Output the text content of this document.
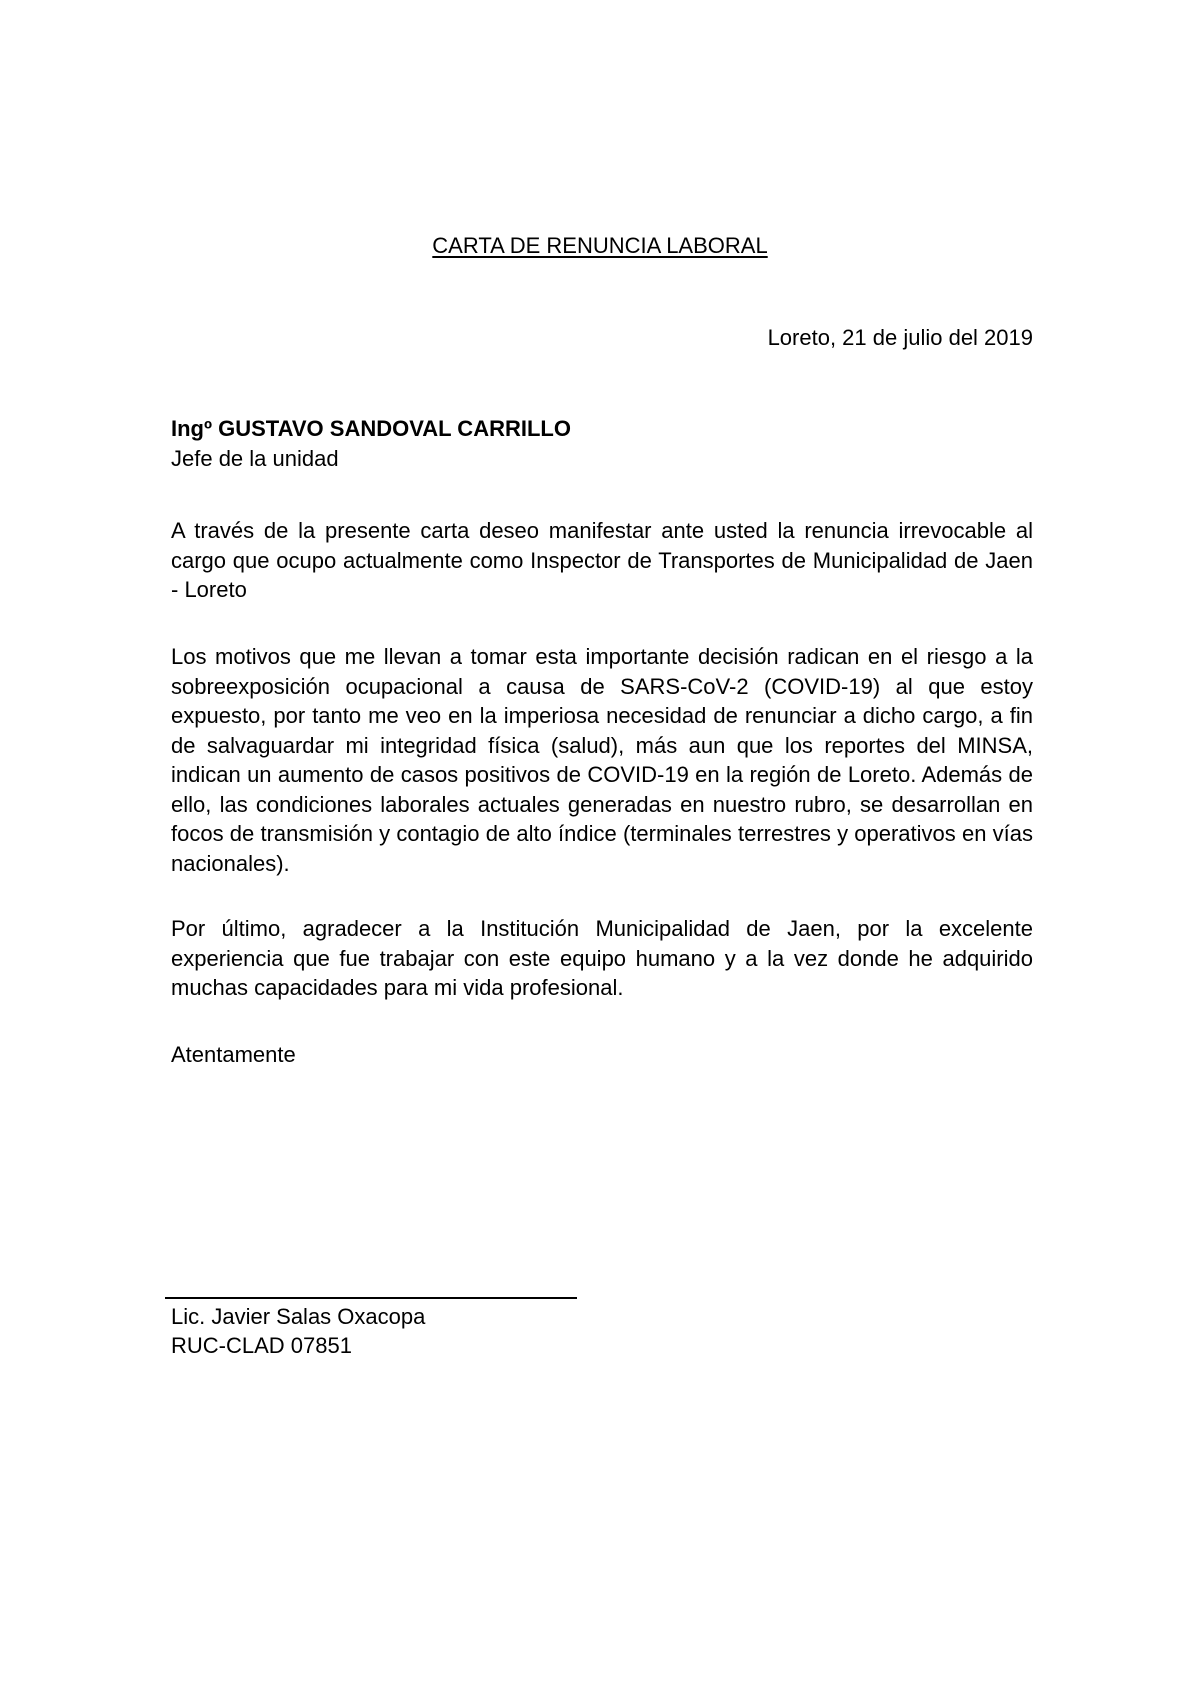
CARTA DE RENUNCIA LABORAL
Loreto, 21 de julio del 2019
Ingº GUSTAVO SANDOVAL CARRILLO
Jefe de la unidad

A través de la presente carta deseo manifestar ante usted la renuncia irrevocable al cargo que ocupo actualmente como Inspector de Transportes de Municipalidad de Jaen - Loreto

Los motivos que me llevan a tomar esta importante decisión radican en el riesgo a la sobreexposición ocupacional a causa de SARS-CoV-2 (COVID-19) al que estoy expuesto, por tanto me veo en la imperiosa necesidad de renunciar a dicho cargo, a fin de salvaguardar mi integridad física (salud), más aun que los reportes del MINSA, indican un aumento de casos positivos de COVID-19 en la región de Loreto. Además de ello, las condiciones laborales actuales generadas en nuestro rubro, se desarrollan en focos de transmisión y contagio de alto índice (terminales terrestres y operativos en vías nacionales).

Por último, agradecer a la Institución Municipalidad de Jaen, por la excelente experiencia que fue trabajar con este equipo humano y a la vez donde he adquirido muchas capacidades para mi vida profesional.

Atentamente
Lic. Javier Salas Oxacopa
RUC-CLAD 07851
